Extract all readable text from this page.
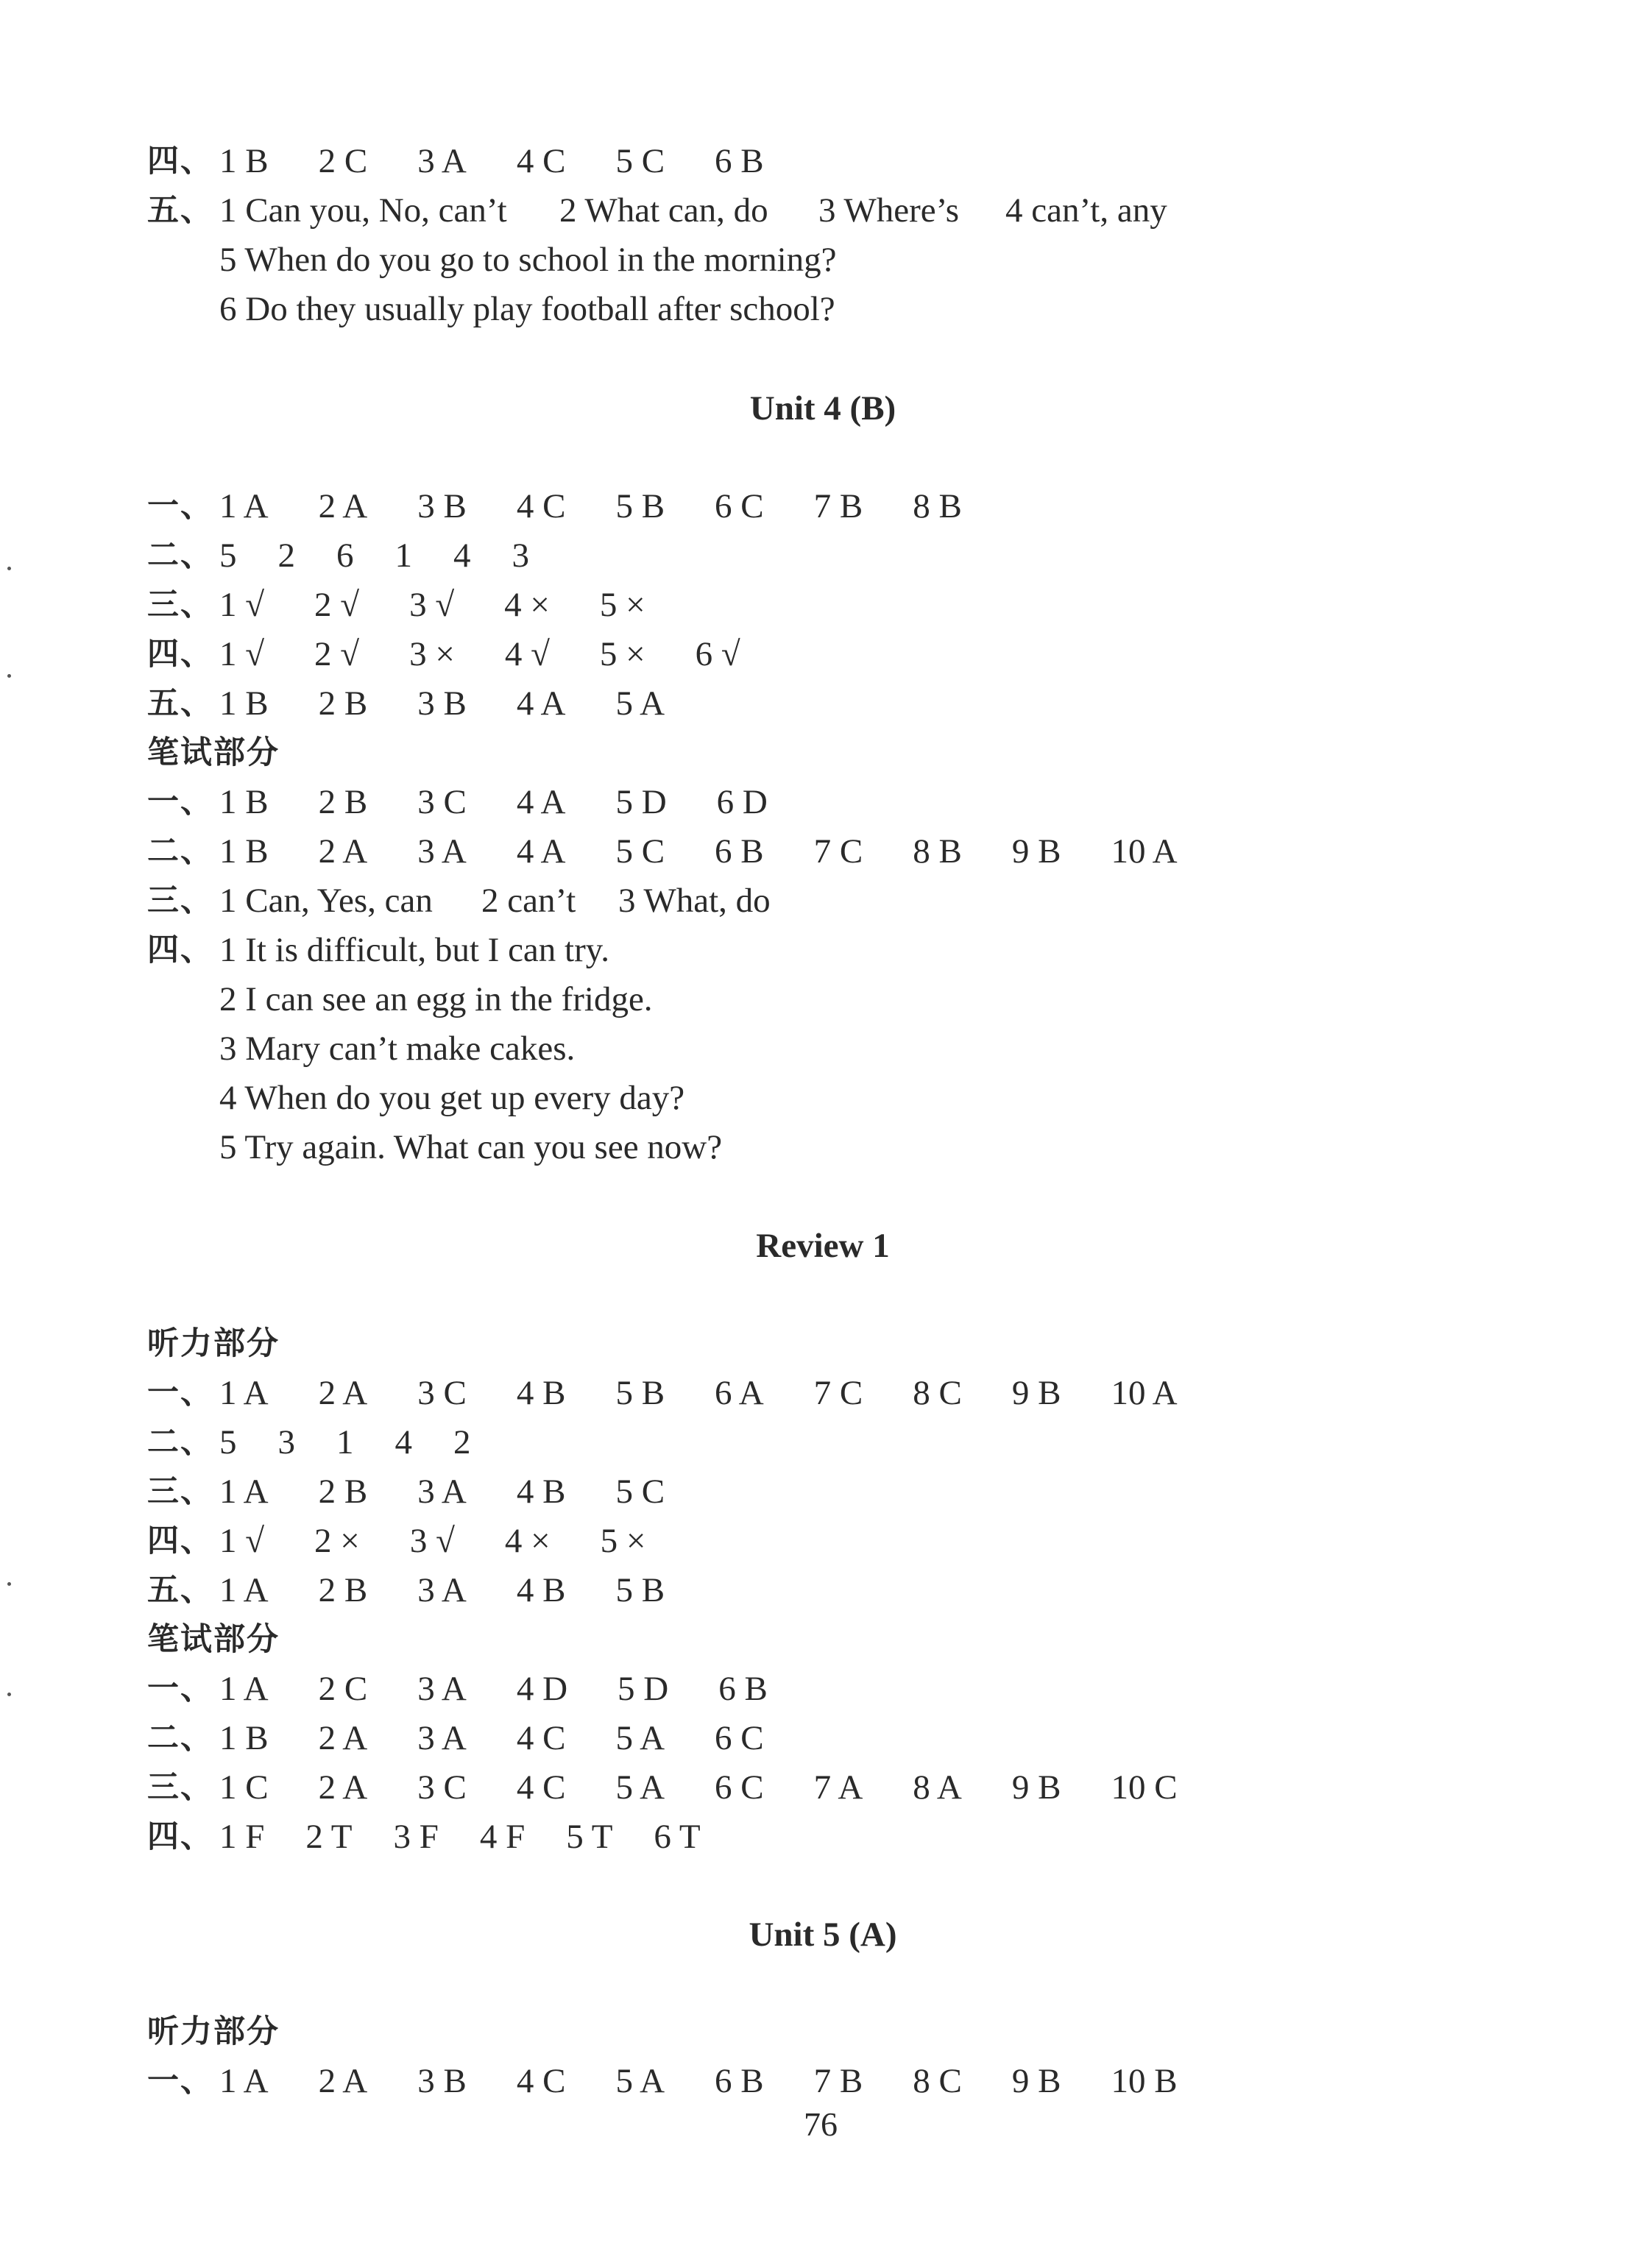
四、 1 B 2 C 3 A 4 C 5 C 6 B
五、 1 Can you, No, can’t 2 What can, do 3 Where’s 4 can’t, any
5 When do you go to school in the morning?
6 Do they usually play football after school?
Unit 4 (B)
一、 1 A 2 A 3 B 4 C 5 B 6 C 7 B 8 B
二、 5 2 6 1 4 3
三、 1 √ 2 √ 3 √ 4 × 5 ×
四、 1 √ 2 √ 3 × 4 √ 5 × 6 √
五、 1 B 2 B 3 B 4 A 5 A
笔试部分
一、 1 B 2 B 3 C 4 A 5 D 6 D
二、 1 B 2 A 3 A 4 A 5 C 6 B 7 C 8 B 9 B 10 A
三、 1 Can, Yes, can 2 can’t 3 What, do
四、 1 It is difficult, but I can try.
2 I can see an egg in the fridge.
3 Mary can’t make cakes.
4 When do you get up every day?
5 Try again. What can you see now?
Review 1
听力部分
一、 1 A 2 A 3 C 4 B 5 B 6 A 7 C 8 C 9 B 10 A
二、 5 3 1 4 2
三、 1 A 2 B 3 A 4 B 5 C
四、 1 √ 2 × 3 √ 4 × 5 ×
五、 1 A 2 B 3 A 4 B 5 B
笔试部分
一、 1 A 2 C 3 A 4 D 5 D 6 B
二、 1 B 2 A 3 A 4 C 5 A 6 C
三、 1 C 2 A 3 C 4 C 5 A 6 C 7 A 8 A 9 B 10 C
四、 1 F 2 T 3 F 4 F 5 T 6 T
Unit 5 (A)
听力部分
一、 1 A 2 A 3 B 4 C 5 A 6 B 7 B 8 C 9 B 10 B
76
